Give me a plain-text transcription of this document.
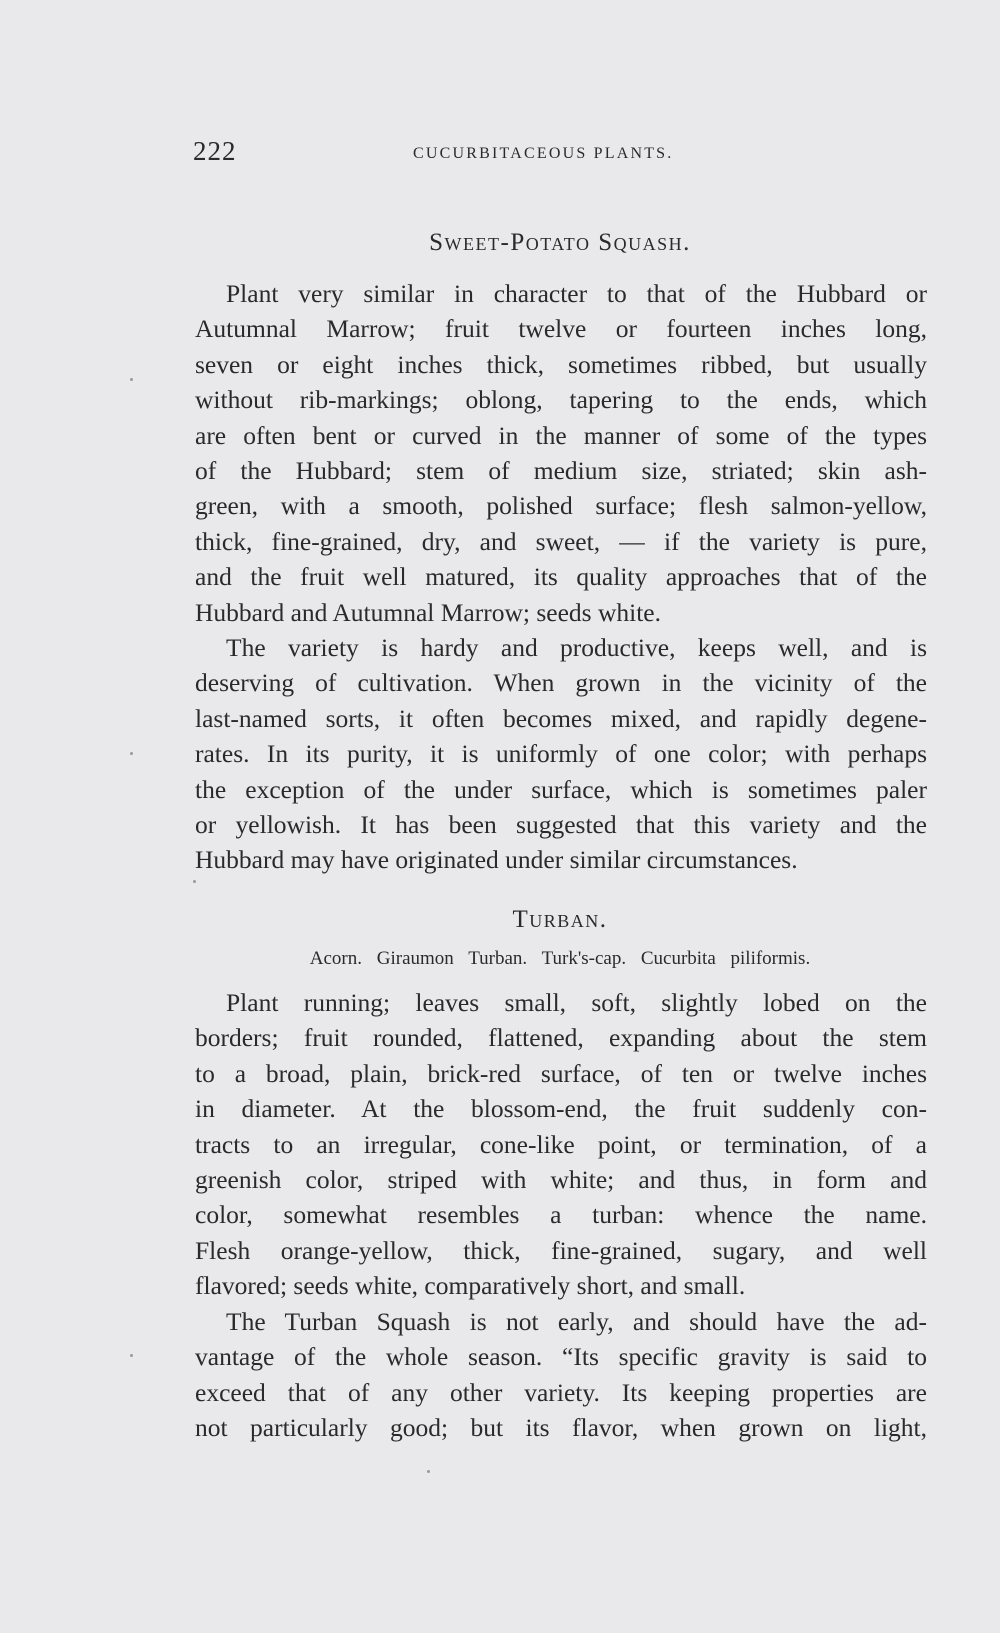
222	CUCURBITACEOUS PLANTS.
Sweet-Potato Squash.
Plant very similar in character to that of the Hubbard or
Autumnal Marrow; fruit twelve or fourteen inches long,
seven or eight inches thick, sometimes ribbed, but usually
without rib-markings; oblong, tapering to the ends, which
are often bent or curved in the manner of some of the types
of the Hubbard; stem of medium size, striated; skin ash-
green, with a smooth, polished surface; flesh salmon-yellow,
thick, fine-grained, dry, and sweet, — if the variety is pure,
and the fruit well matured, its quality approaches that of the
Hubbard and Autumnal Marrow; seeds white.
The variety is hardy and productive, keeps well, and is
deserving of cultivation. When grown in the vicinity of the
last-named sorts, it often becomes mixed, and rapidly degene-
rates. In its purity, it is uniformly of one color; with perhaps
the exception of the under surface, which is sometimes paler
or yellowish. It has been suggested that this variety and the
Hubbard may have originated under similar circumstances.
Turban.
Acorn. Giraumon Turban. Turk's-cap. Cucurbita piliformis.
Plant running; leaves small, soft, slightly lobed on the
borders; fruit rounded, flattened, expanding about the stem
to a broad, plain, brick-red surface, of ten or twelve inches
in diameter. At the blossom-end, the fruit suddenly con-
tracts to an irregular, cone-like point, or termination, of a
greenish color, striped with white; and thus, in form and
color, somewhat resembles a turban: whence the name.
Flesh orange-yellow, thick, fine-grained, sugary, and well
flavored; seeds white, comparatively short, and small.
The Turban Squash is not early, and should have the ad-
vantage of the whole season. “Its specific gravity is said to
exceed that of any other variety. Its keeping properties are
not particularly good; but its flavor, when grown on light,
